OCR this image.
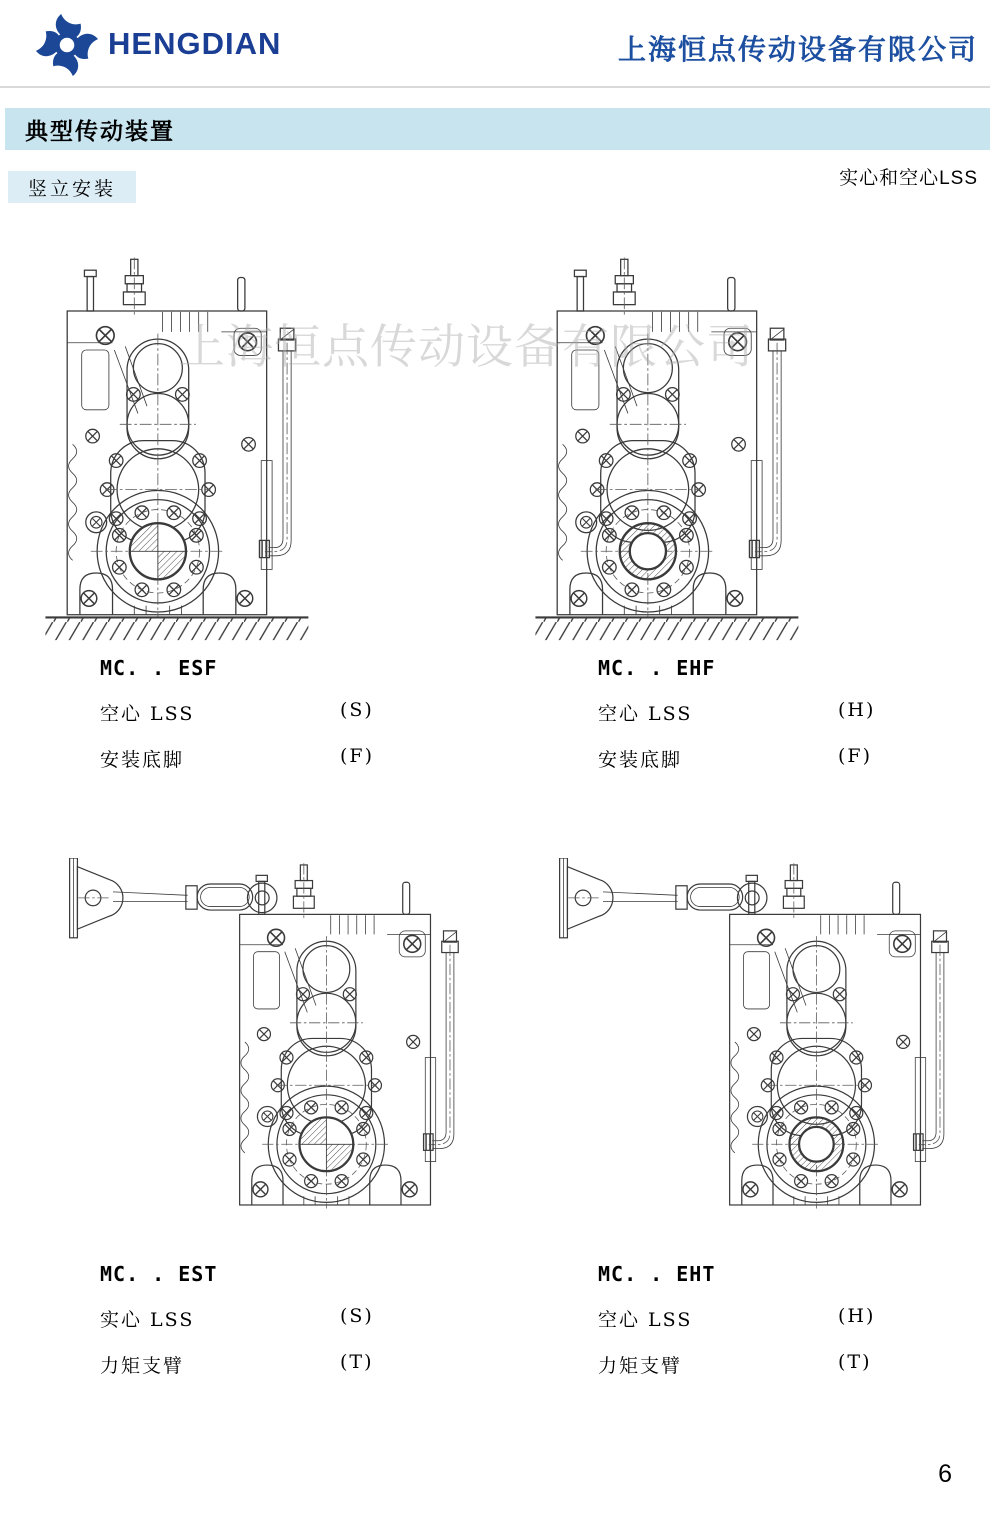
HENGDIAN	上海恒点传动设备有限公司
典型传动装置
竖立安装	实心和空心LSS
上海恒点传动设备有限公司
MC. . ESF
空心 LSS	(S)
安装底脚	(F)
MC. . EHF
空心 LSS	(H)
安装底脚	(F)
MC. . EST
实心 LSS	(S)
力矩支臂	(T)
MC. . EHT
空心 LSS	(H)
力矩支臂	(T)
6
